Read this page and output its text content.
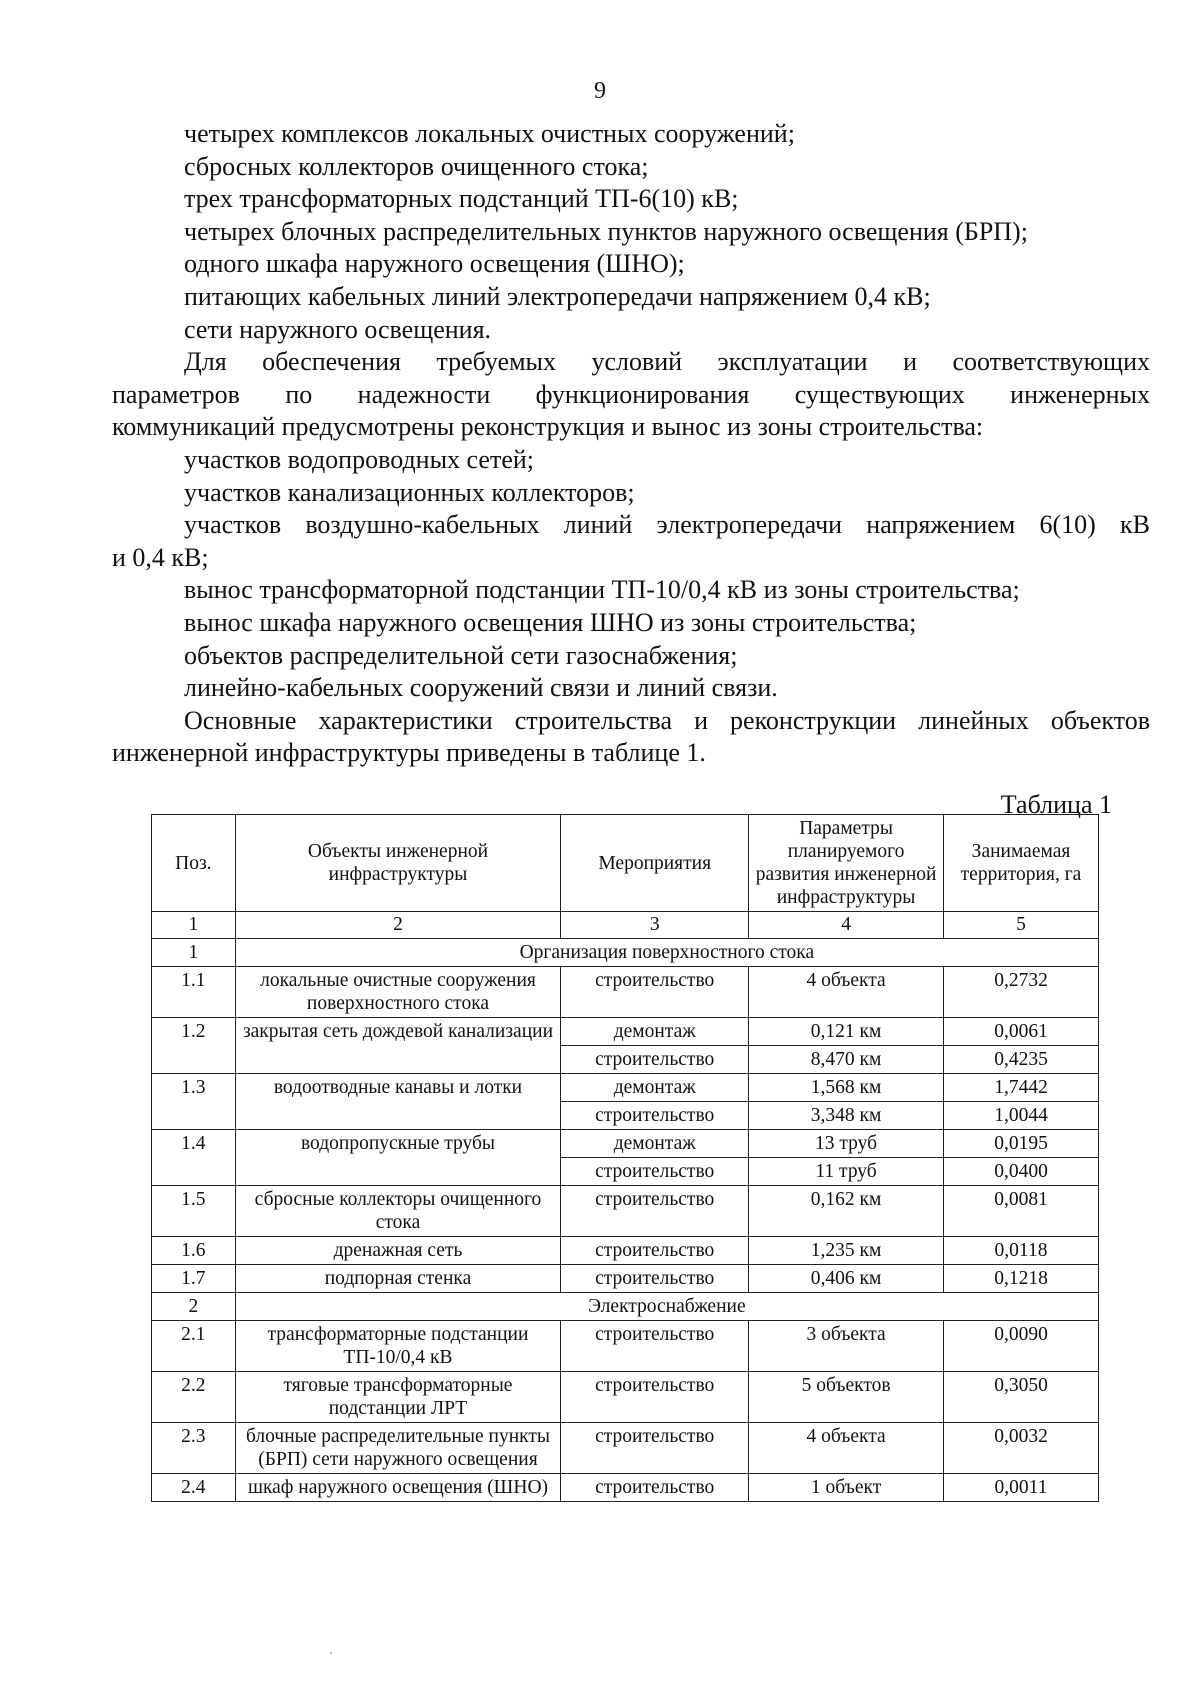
9
четырех комплексов локальных очистных сооружений;
сбросных коллекторов очищенного стока;
трех трансформаторных подстанций ТП-6(10) кВ;
четырех блочных распределительных пунктов наружного освещения (БРП);
одного шкафа наружного освещения (ШНО);
питающих кабельных линий электропередачи напряжением 0,4 кВ;
сети наружного освещения.
Для обеспечения требуемых условий эксплуатации и соответствующих
параметров по надежности функционирования существующих инженерных
коммуникаций предусмотрены реконструкция и вынос из зоны строительства:
участков водопроводных сетей;
участков канализационных коллекторов;
участков воздушно-кабельных линий электропередачи напряжением 6(10) кВ
и 0,4 кВ;
вынос трансформаторной подстанции ТП-10/0,4 кВ из зоны строительства;
вынос шкафа наружного освещения ШНО из зоны строительства;
объектов распределительной сети газоснабжения;
линейно-кабельных сооружений связи и линий связи.
Основные характеристики строительства и реконструкции линейных объектов
инженерной инфраструктуры приведены в таблице 1.
Таблица 1
Поз.	Объекты инженерной инфраструктуры	Мероприятия	Параметры планируемого развития инженерной инфраструктуры	Занимаемая территория, га
1	2	3	4	5
1	Организация поверхностного стока			
1.1	локальные очистные сооружения поверхностного стока	строительство	4 объекта	0,2732
1.2	закрытая сеть дождевой канализации	демонтаж	0,121 км	0,0061
		строительство	8,470 км	0,4235
1.3	водоотводные канавы и лотки	демонтаж	1,568 км	1,7442
		строительство	3,348 км	1,0044
1.4	водопропускные трубы	демонтаж	13 труб	0,0195
		строительство	11 труб	0,0400
1.5	сбросные коллекторы очищенного стока	строительство	0,162 км	0,0081
1.6	дренажная сеть	строительство	1,235 км	0,0118
1.7	подпорная стенка	строительство	0,406 км	0,1218
2	Электроснабжение			
2.1	трансформаторные подстанции ТП-10/0,4 кВ	строительство	3 объекта	0,0090
2.2	тяговые трансформаторные подстанции ЛРТ	строительство	5 объектов	0,3050
2.3	блочные распределительные пункты (БРП) сети наружного освещения	строительство	4 объекта	0,0032
2.4	шкаф наружного освещения (ШНО)	строительство	1 объект	0,0011
